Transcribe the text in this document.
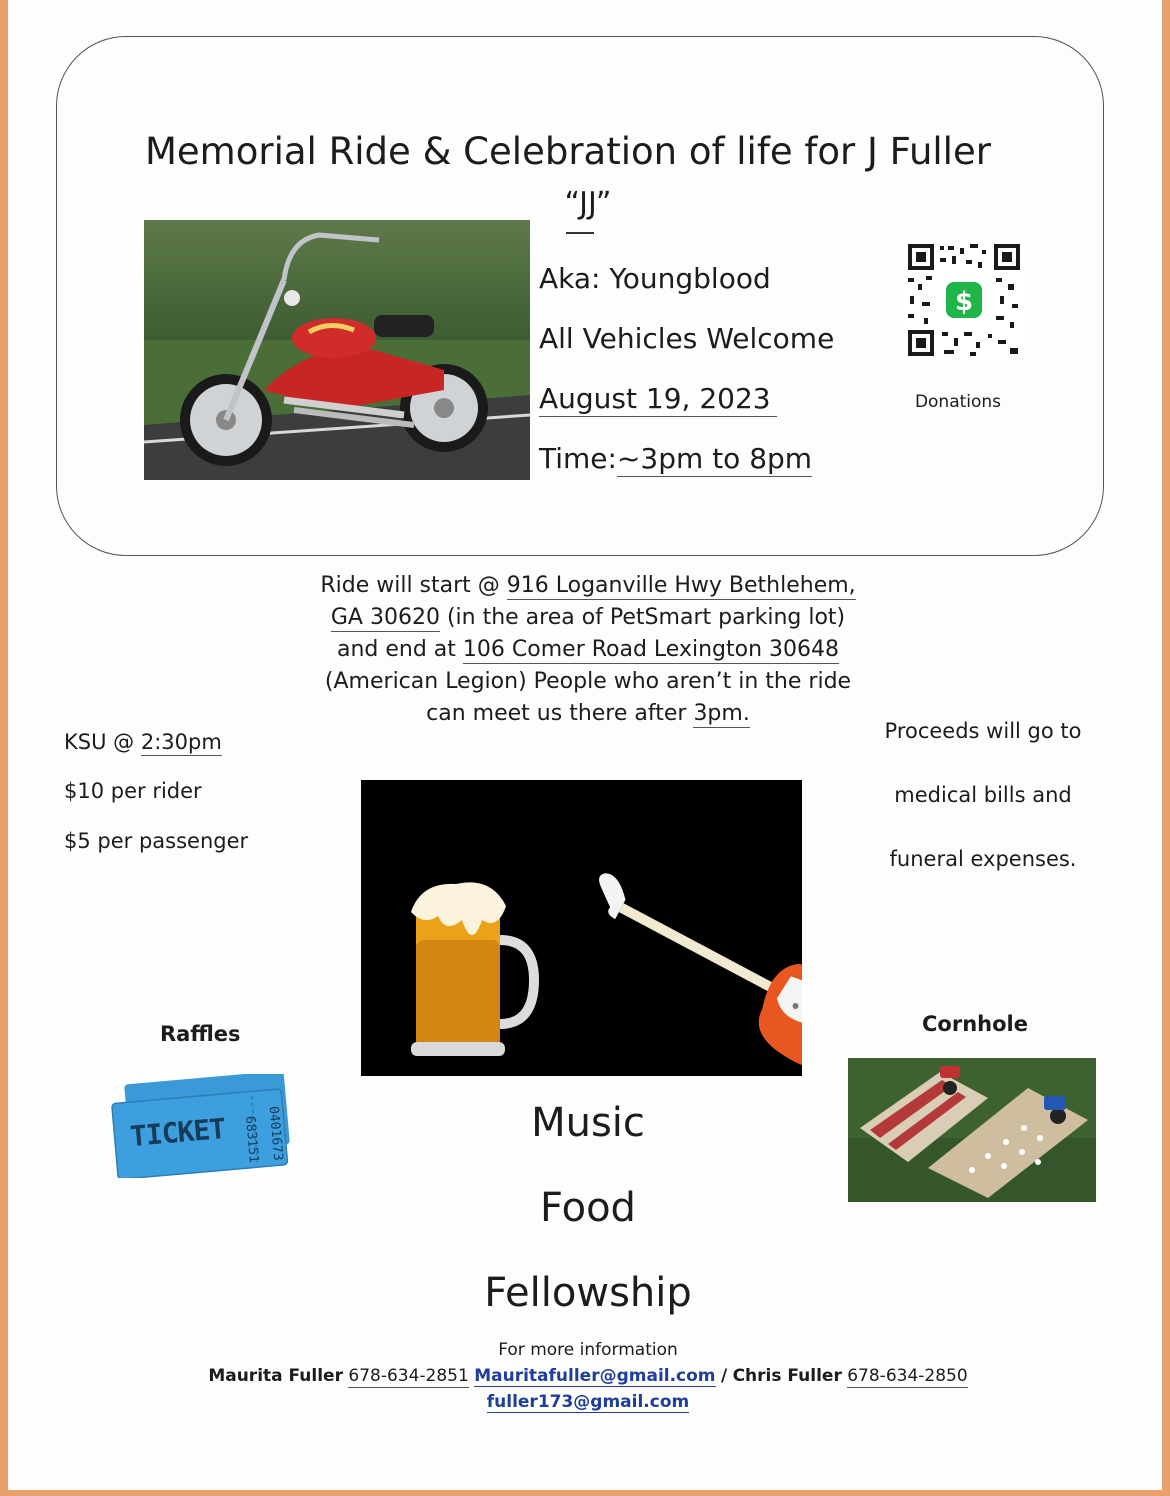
Memorial Ride & Celebration of life for J Fuller
“JJ”
Aka: Youngblood
All Vehicles Welcome
August 19, 2023
Time:~3pm to 8pm
$
Donations
Ride will start @ 916 Loganville Hwy Bethlehem,
GA 30620 (in the area of PetSmart parking lot)
and end at 106 Comer Road Lexington 30648
(American Legion) People who aren’t in the ride
can meet us there after 3pm.
KSU @ 2:30pm
$10 per rider
$5 per passenger
Proceeds will go to
medical bills and
funeral expenses.
Raffles
TICKET 683151 0401673
Cornhole
Music
Food
Fellowship
For more information
Maurita Fuller 678-634-2851 Mauritafuller@gmail.com / Chris Fuller 678-634-2850
fuller173@gmail.com
